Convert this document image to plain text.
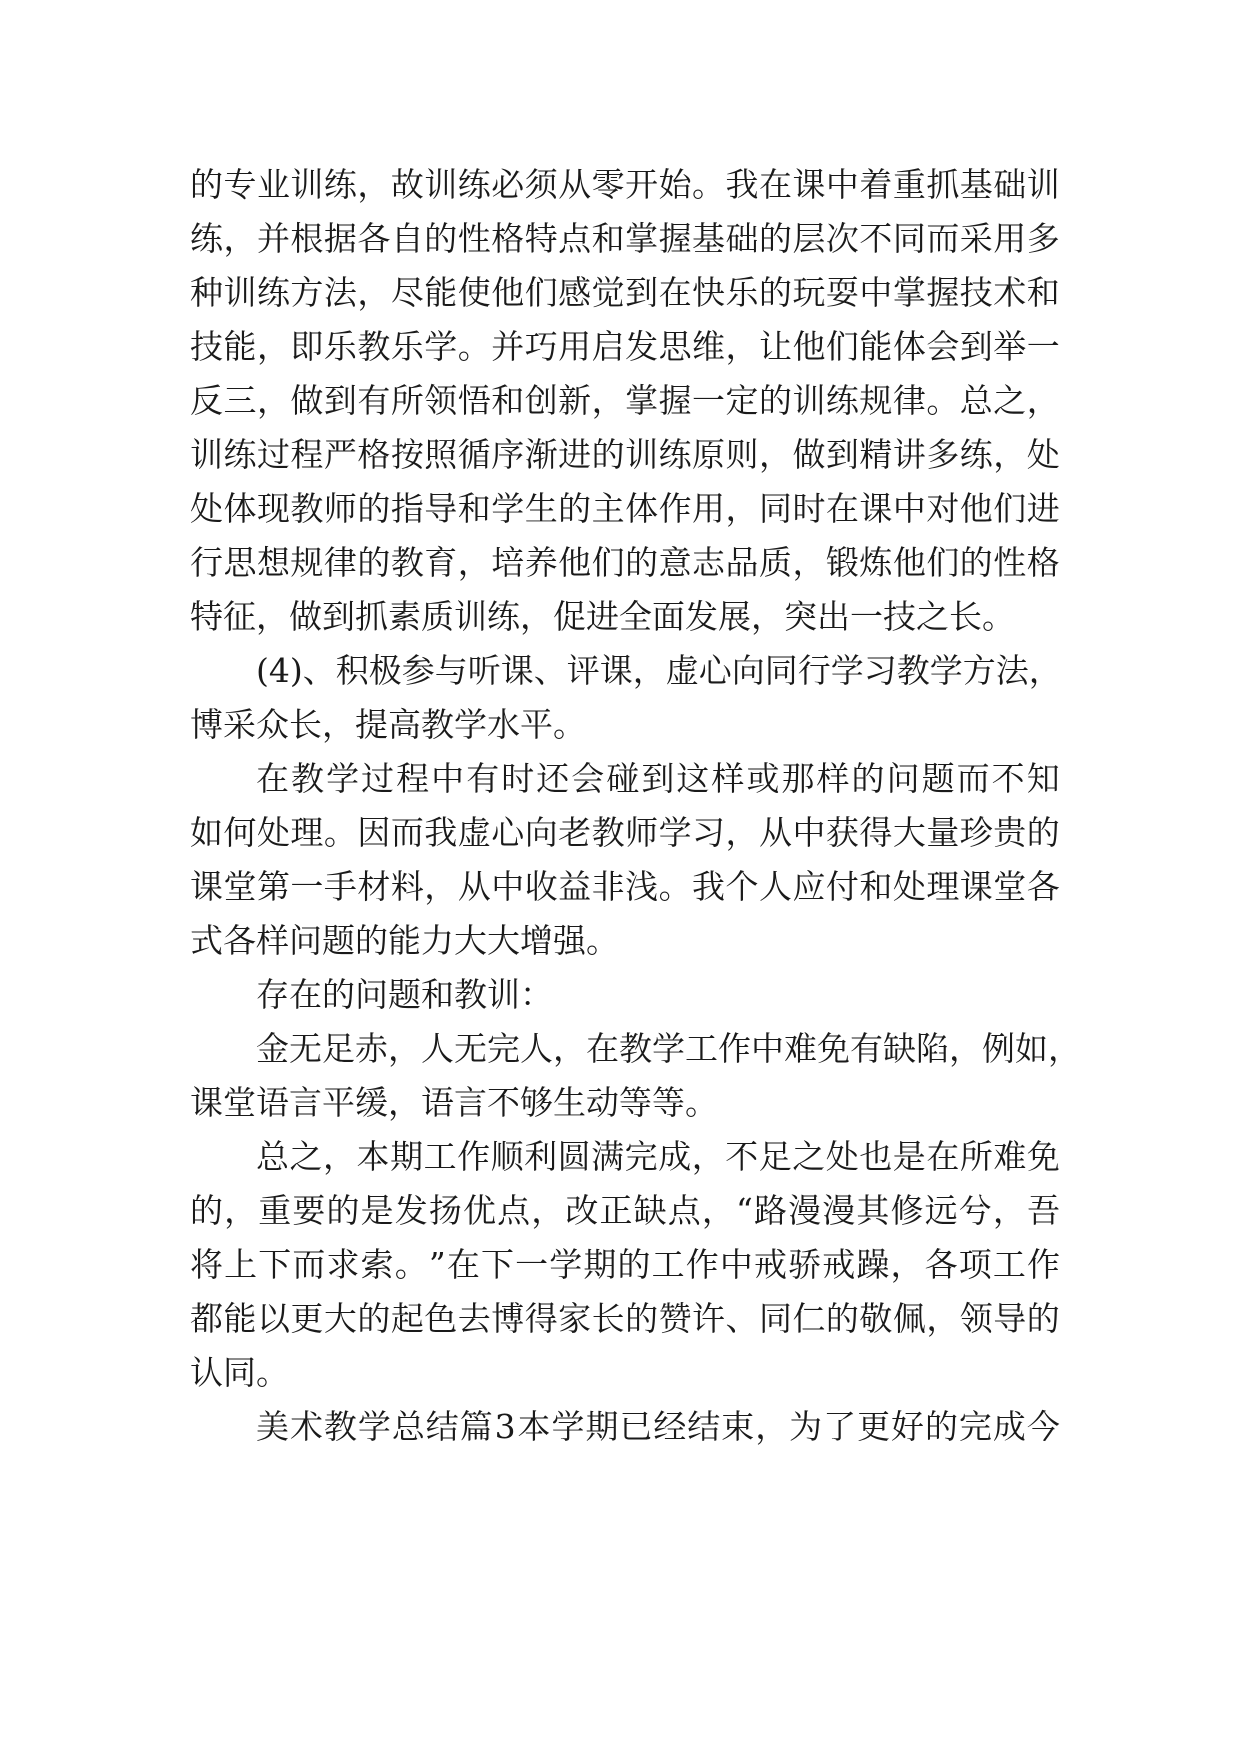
的 专 业 训 练 ， 故 训 练 必 须 从 零 开 始 。 我 在 课 中 着 重 抓 基 础 训
练 ， 并 根 据 各 自 的 性 格 特 点 和 掌 握 基 础 的 层 次 不 同 而 采 用 多
种 训 练 方 法 ， 尽 能 使 他 们 感 觉 到 在 快 乐 的 玩 耍 中 掌 握 技 术 和
技 能 ， 即 乐 教 乐 学 。 并 巧 用 启 发 思 维 ， 让 他 们 能 体 会 到 举 一
反 三 ， 做 到 有 所 领 悟 和 创 新 ， 掌 握 一 定 的 训 练 规 律 。 总 之 ，
训 练 过 程 严 格 按 照 循 序 渐 进 的 训 练 原 则 ， 做 到 精 讲 多 练 ， 处
处 体 现 教 师 的 指 导 和 学 生 的 主 体 作 用 ， 同 时 在 课 中 对 他 们 进
行 思 想 规 律 的 教 育 ， 培 养 他 们 的 意 志 品 质 ， 锻 炼 他 们 的 性 格
特征，做到抓素质训练，促进全面发展，突出一技之长。
( 4 ) 、 积 极 参 与 听 课 、 评 课 ， 虚 心 向 同 行 学 习 教 学 方 法 ，
博采众长，提高教学水平。
在 教 学 过 程 中 有 时 还 会 碰 到 这 样 或 那 样 的 问 题 而 不 知
如 何 处 理 。 因 而 我 虚 心 向 老 教 师 学 习 ， 从 中 获 得 大 量 珍 贵 的
课 堂 第 一 手 材 料 ， 从 中 收 益 非 浅 。 我 个 人 应 付 和 处 理 课 堂 各
式各样问题的能力大大增强。
存在的问题和教训：
金 无 足 赤 ， 人 无 完 人 ， 在 教 学 工 作 中 难 免 有 缺 陷 ， 例 如 ，
课堂语言平缓，语言不够生动等等。
总 之 ， 本 期 工 作 顺 利 圆 满 完 成 ， 不 足 之 处 也 是 在 所 难 免
的 ， 重 要 的 是 发 扬 优 点 ， 改 正 缺 点 ， “ 路 漫 漫 其 修 远 兮 ， 吾
将 上 下 而 求 索 。 ” 在 下 一 学 期 的 工 作 中 戒 骄 戒 躁 ， 各 项 工 作
都 能 以 更 大 的 起 色 去 博 得 家 长 的 赞 许 、 同 仁 的 敬 佩 ， 领 导 的
认同。
美 术 教 学 总 结 篇 3 本 学 期 已 经 结 束 ， 为 了 更 好 的 完 成 今
